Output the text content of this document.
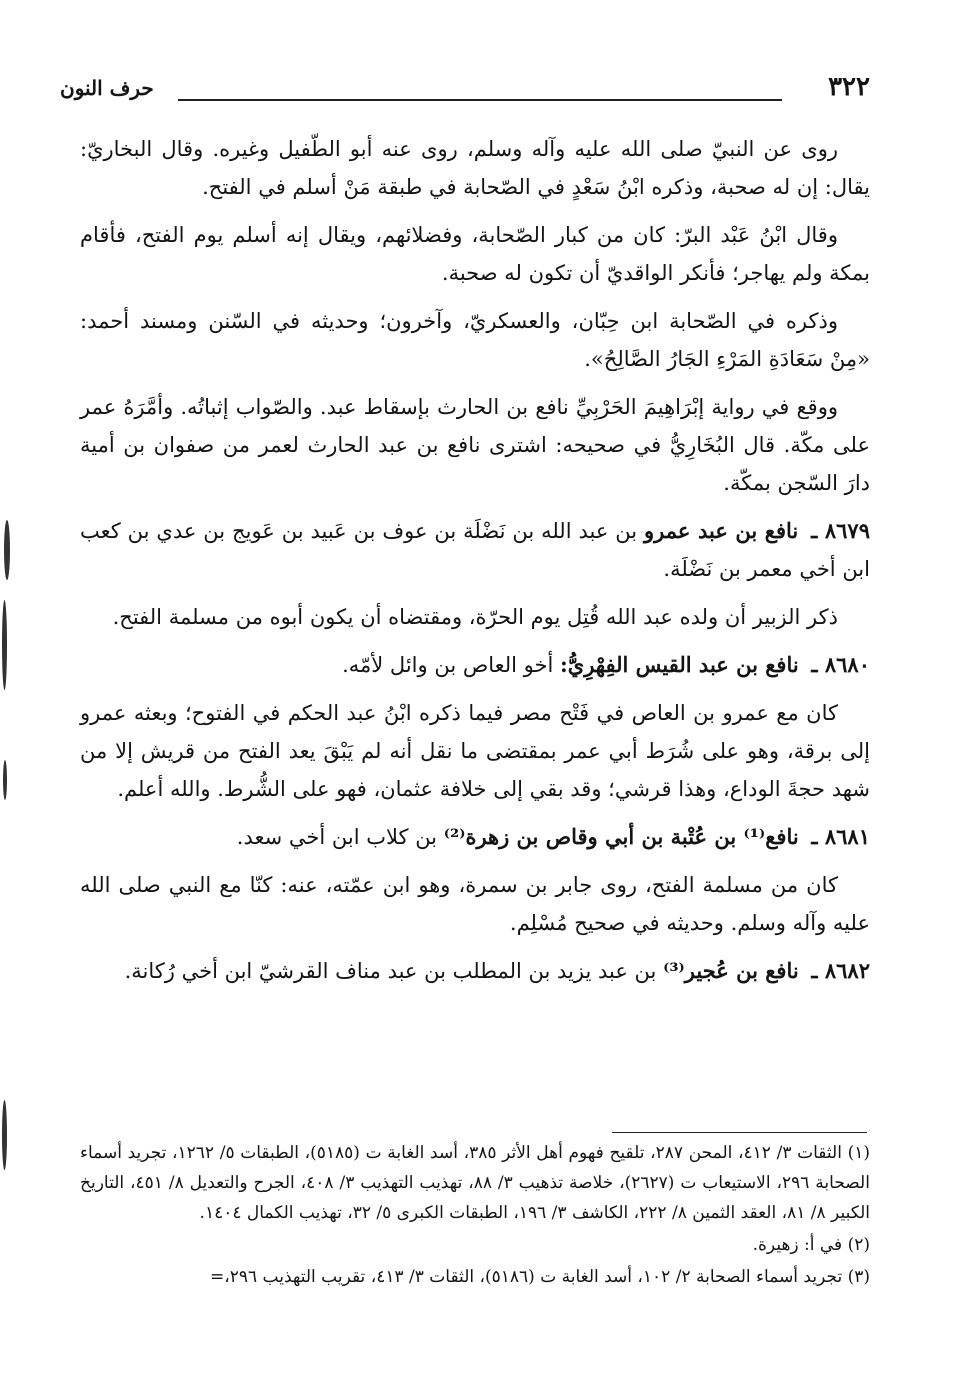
٣٢٢
حرف النون

روى عن النبيّ صلى الله عليه وآله وسلم، روى عنه أبو الطّفيل وغيره. وقال البخاريّ: يقال: إن له صحبة، وذكره ابْنُ سَعْدٍ في الصّحابة في طبقة مَنْ أسلم في الفتح.

وقال ابْنُ عَبْد البرّ: كان من كبار الصّحابة، وفضلائهم، ويقال إنه أسلم يوم الفتح، فأقام بمكة ولم يهاجر؛ فأنكر الواقديّ أن تكون له صحبة.

وذكره في الصّحابة ابن حِبّان، والعسكريّ، وآخرون؛ وحديثه في السّنن ومسند أحمد: «مِنْ سَعَادَةِ المَرْءِ الجَارُ الصَّالِحُ».

ووقع في رواية إبْرَاهِيمَ الحَرْبِيِّ نافع بن الحارث بإسقاط عبد. والصّواب إثباتُه. وأمَّرَهُ عمر على مكّة. قال البُخَارِيُّ في صحيحه: اشترى نافع بن عبد الحارث لعمر من صفوان بن أمية دارَ السّجن بمكّة.

٨٦٧٩ ـ نافع بن عبد عمرو بن عبد الله بن نَضْلَة بن عوف بن عَبيد بن عَويج بن عدي بن كعب ابن أخي معمر بن نَضْلَة.

ذكر الزبير أن ولده عبد الله قُتِل يوم الحرّة، ومقتضاه أن يكون أبوه من مسلمة الفتح.

٨٦٨٠ ـ نافع بن عبد القيس الفِهْرِيُّ: أخو العاص بن وائل لأمّه.

كان مع عمرو بن العاص في فَتْح مصر فيما ذكره ابْنُ عبد الحكم في الفتوح؛ وبعثه عمرو إلى برقة، وهو على شُرَط أبي عمر بمقتضى ما نقل أنه لم يَبْقَ يعد الفتح من قريش إلا من شهد حجةَ الوداع، وهذا قرشي؛ وقد بقي إلى خلافة عثمان، فهو على الشُّرط. والله أعلم.

٨٦٨١ ـ نافع⁽¹⁾ بن عُتْبة بن أبي وقاص بن زهرة⁽²⁾ بن كلاب ابن أخي سعد.

كان من مسلمة الفتح، روى جابر بن سمرة، وهو ابن عمّته، عنه: كنّا مع النبي صلى الله عليه وآله وسلم. وحديثه في صحيح مُسْلِم.

٨٦٨٢ ـ نافع بن عُجير⁽³⁾ بن عبد يزيد بن المطلب بن عبد مناف القرشيّ ابن أخي رُكانة.

(١) الثقات ٣/ ٤١٢، المحن ٢٨٧، تلقيح فهوم أهل الأثر ٣٨٥، أسد الغابة ت (٥١٨٥)، الطبقات ٥/ ١٢٦٢، تجريد أسماء الصحابة ٢٩٦، الاستيعاب ت (٢٦٢٧)، خلاصة تذهيب ٣/ ٨٨، تهذيب التهذيب ٣/ ٤٠٨، الجرح والتعديل ٨/ ٤٥١، التاريخ الكبير ٨/ ٨١، العقد الثمين ٨/ ٢٢٢، الكاشف ٣/ ١٩٦، الطبقات الكبرى ٥/ ٣٢، تهذيب الكمال ١٤٠٤.

(٢) في أ: زهيرة.

(٣) تجريد أسماء الصحابة ٢/ ١٠٢، أسد الغابة ت (٥١٨٦)، الثقات ٣/ ٤١٣، تقريب التهذيب ٢٩٦،=
